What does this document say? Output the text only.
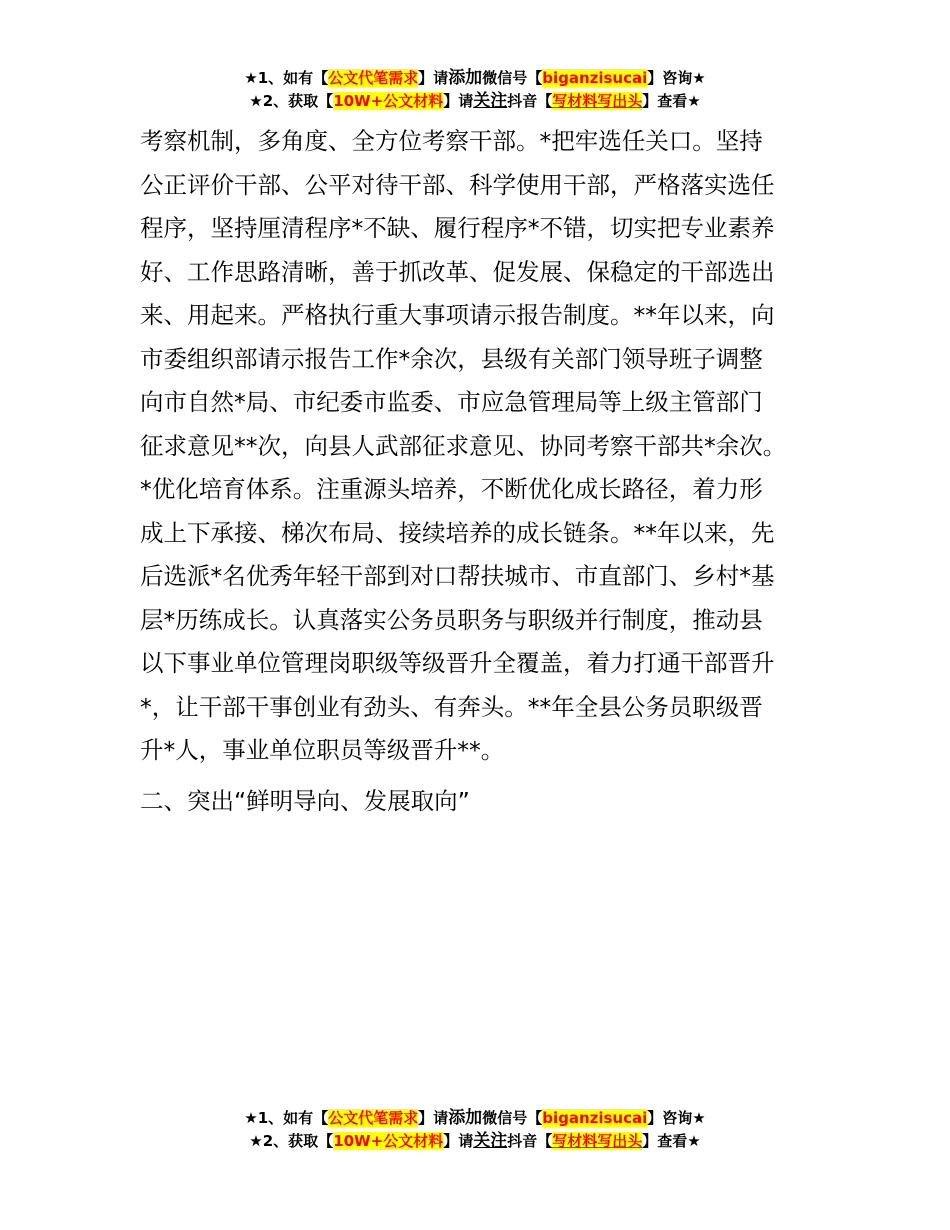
★1、如有【公文代笔需求】请添加微信号【biganzisucai】咨询★
★2、获取【10W+公文材料】请关注抖音【写材料写出头】查看★

考察机制，多角度、全方位考察干部。*把牢选任关口。坚持
公正评价干部、公平对待干部、科学使用干部，严格落实选任
程序，坚持厘清程序*不缺、履行程序*不错，切实把专业素养
好、工作思路清晰，善于抓改革、促发展、保稳定的干部选出
来、用起来。严格执行重大事项请示报告制度。**年以来，向
市委组织部请示报告工作*余次，县级有关部门领导班子调整
向市自然*局、市纪委市监委、市应急管理局等上级主管部门
征求意见**次，向县人武部征求意见、协同考察干部共*余次。
*优化培育体系。注重源头培养，不断优化成长路径，着力形
成上下承接、梯次布局、接续培养的成长链条。**年以来，先
后选派*名优秀年轻干部到对口帮扶城市、市直部门、乡村*基
层*历练成长。认真落实公务员职务与职级并行制度，推动县
以下事业单位管理岗职级等级晋升全覆盖，着力打通干部晋升
*，让干部干事创业有劲头、有奔头。**年全县公务员职级晋
升*人，事业单位职员等级晋升**。

二、突出“鲜明导向、发展取向”
★1、如有【公文代笔需求】请添加微信号【biganzisucai】咨询★
★2、获取【10W+公文材料】请关注抖音【写材料写出头】查看★
